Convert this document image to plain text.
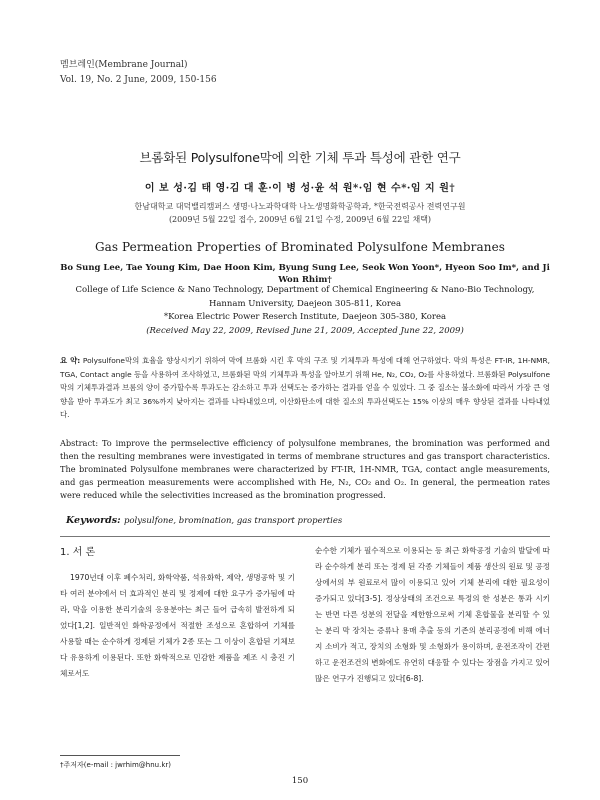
멤브레인(Membrane Journal)
Vol. 19, No. 2 June, 2009, 150-156
브롬화된 Polysulfone막에 의한 기체 투과 특성에 관한 연구
이 보 성·김 태 영·김 대 훈·이 병 성·윤 석 원*·임 현 수*·임 지 원†
한남대학교 대덕밸리캠퍼스 생명·나노과학대학 나노생명화학공학과, *한국전력공사 전력연구원
(2009년 5월 22일 접수, 2009년 6월 21일 수정, 2009년 6월 22일 채택)
Gas Permeation Properties of Brominated Polysulfone Membranes
Bo Sung Lee, Tae Young Kim, Dae Hoon Kim, Byung Sung Lee, Seok Won Yoon*, Hyeon Soo Im*, and Ji Won Rhim†
College of Life Science & Nano Technology, Department of Chemical Engineering & Nano-Bio Technology, Hannam University, Daejeon 305-811, Korea
*Korea Electric Power Reserch Institute, Daejeon 305-380, Korea
(Received May 22, 2009, Revised June 21, 2009, Accepted June 22, 2009)
요 약: Polysulfone막의 효율을 향상시키기 위하여 막에 브롬화 시킨 후 막의 구조 및 기체투과 특성에 대해 연구하였다. 막의 특성은 FT-IR, 1H-NMR, TGA, Contact angle 등을 사용하여 조사하였고, 브롬화된 막의 기체투과 특성을 알아보기 위해 He, N₂, CO₂, O₂를 사용하였다. 브롬화된 Polysulfone막의 기체투과결과 브롬의 양이 증가할수록 투과도는 감소하고 투과 선택도는 증가하는 결과를 얻을 수 있었다. 그 중 질소는 불소화에 따라서 가장 큰 영향을 받아 투과도가 최고 36%까지 낮아지는 결과를 나타내었으며, 이산화탄소에 대한 질소의 투과선택도는 15% 이상의 매우 향상된 결과를 나타내었다.
Abstract: To improve the permselective efficiency of polysulfone membranes, the bromination was performed and then the resulting membranes were investigated in terms of membrane structures and gas transport characteristics. The brominated Polysulfone membranes were characterized by FT-IR, 1H-NMR, TGA, contact angle measurements, and gas permeation measurements were accomplished with He, N₂, CO₂ and O₂. In general, the permeation rates were reduced while the selectivities increased as the bromination progressed.
Keywords: polysulfone, bromination, gas transport properties
1. 서 론
1970년대 이후 폐수처리, 화학약품, 석유화학, 제약, 생명공학 및 기타 여러 분야에서 더 효과적인 분리 및 정제에 대한 요구가 증가됨에 따라, 막을 이용한 분리기술의 응용분야는 최근 들어 급속히 발전하게 되었다[1,2]. 일반적인 화학공정에서 적절한 조성으로 혼합하여 기체를 사용할 때는 순수하게 정제된 기체가 2종 또는 그 이상이 혼합된 기체보다 유용하게 이용된다. 또한 화학적으로 민감한 제품을 제조 시 충진 기체로서도
순수한 기체가 필수적으로 이용되는 등 최근 화학공정 기술의 발달에 따라 순수하게 분리 또는 정제 된 각종 기체들이 제품 생산의 원료 및 공정상에서의 부 원료로서 많이 이용되고 있어 기체 분리에 대한 필요성이 증가되고 있다[3-5]. 정상상태의 조건으로 특정의 한 성분은 통과 시키는 반면 다른 성분의 전달을 제한함으로써 기체 혼합물을 분리할 수 있는 분리 막 장치는 증류나 용매 추출 등의 기존의 분리공정에 비해 에너지 소비가 적고, 장치의 소형화 및 소형화가 용이하며, 운전조작이 간편하고 운전조건의 변화에도 유연히 대응할 수 있다는 장점을 가지고 있어 많은 연구가 진행되고 있다[6-8].
†주저자(e-mail : jwrhim@hnu.kr)
150
